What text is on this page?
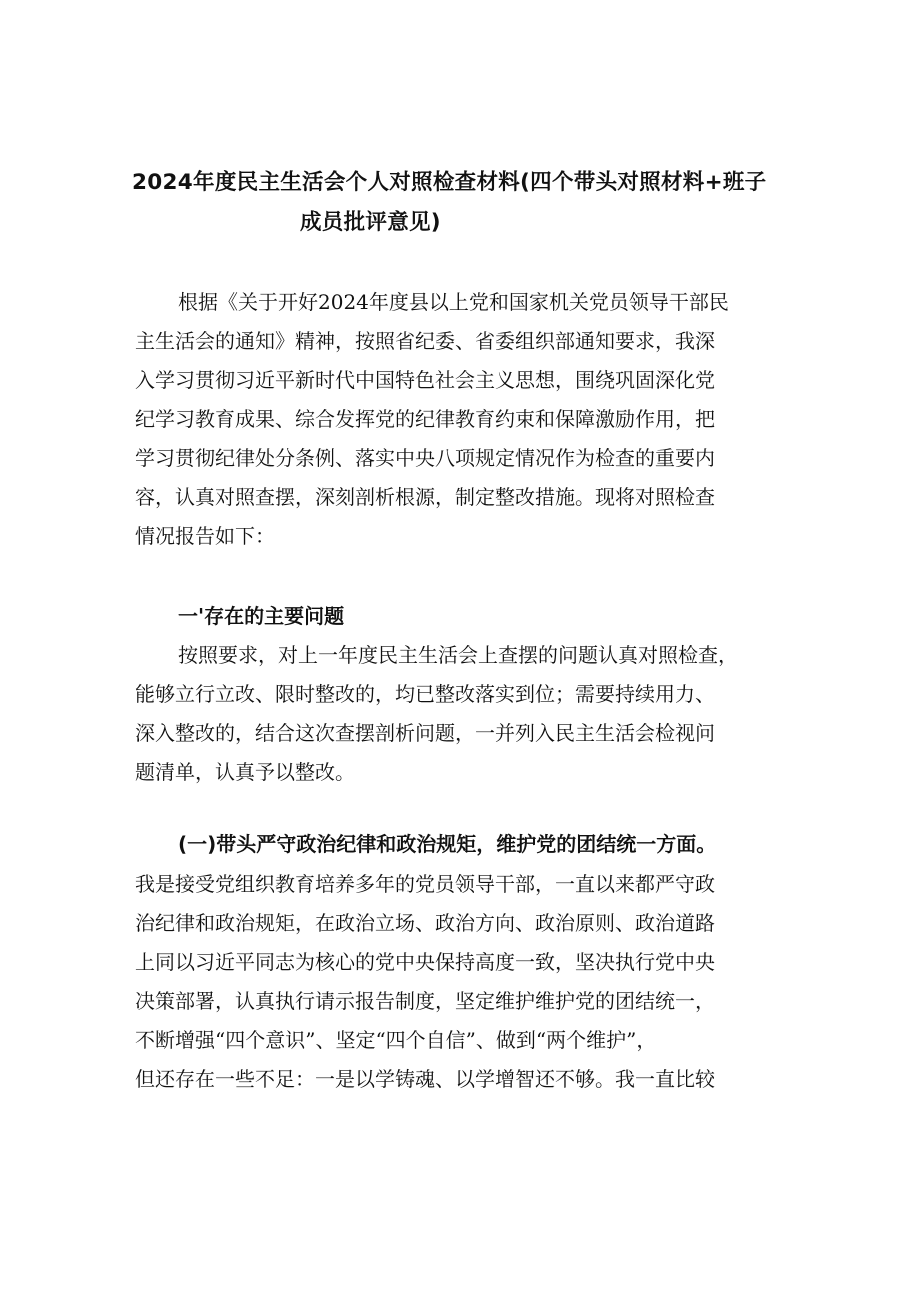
2024年度民主生活会个人对照检查材料(四个带头对照材料+班子
成员批评意见)
根据《关于开好2024年度县以上党和国家机关党员领导干部民
主生活会的通知》精神，按照省纪委、省委组织部通知要求，我深
入学习贯彻习近平新时代中国特色社会主义思想，围绕巩固深化党
纪学习教育成果、综合发挥党的纪律教育约束和保障激励作用，把
学习贯彻纪律处分条例、落实中央八项规定情况作为检查的重要内
容，认真对照查摆，深刻剖析根源，制定整改措施。现将对照检查
情况报告如下：
一'存在的主要问题
按照要求，对上一年度民主生活会上查摆的问题认真对照检查，
能够立行立改、限时整改的，均已整改落实到位；需要持续用力、
深入整改的，结合这次查摆剖析问题，一并列入民主生活会检视问
题清单，认真予以整改。
(一)带头严守政治纪律和政治规矩，维护党的团结统一方面。
我是接受党组织教育培养多年的党员领导干部，一直以来都严守政
治纪律和政治规矩，在政治立场、政治方向、政治原则、政治道路
上同以习近平同志为核心的党中央保持高度一致，坚决执行党中央
决策部署，认真执行请示报告制度，坚定维护维护党的团结统一，
不断增强“四个意识”、坚定“四个自信”、做到“两个维护”，
但还存在一些不足：一是以学铸魂、以学增智还不够。我一直比较
